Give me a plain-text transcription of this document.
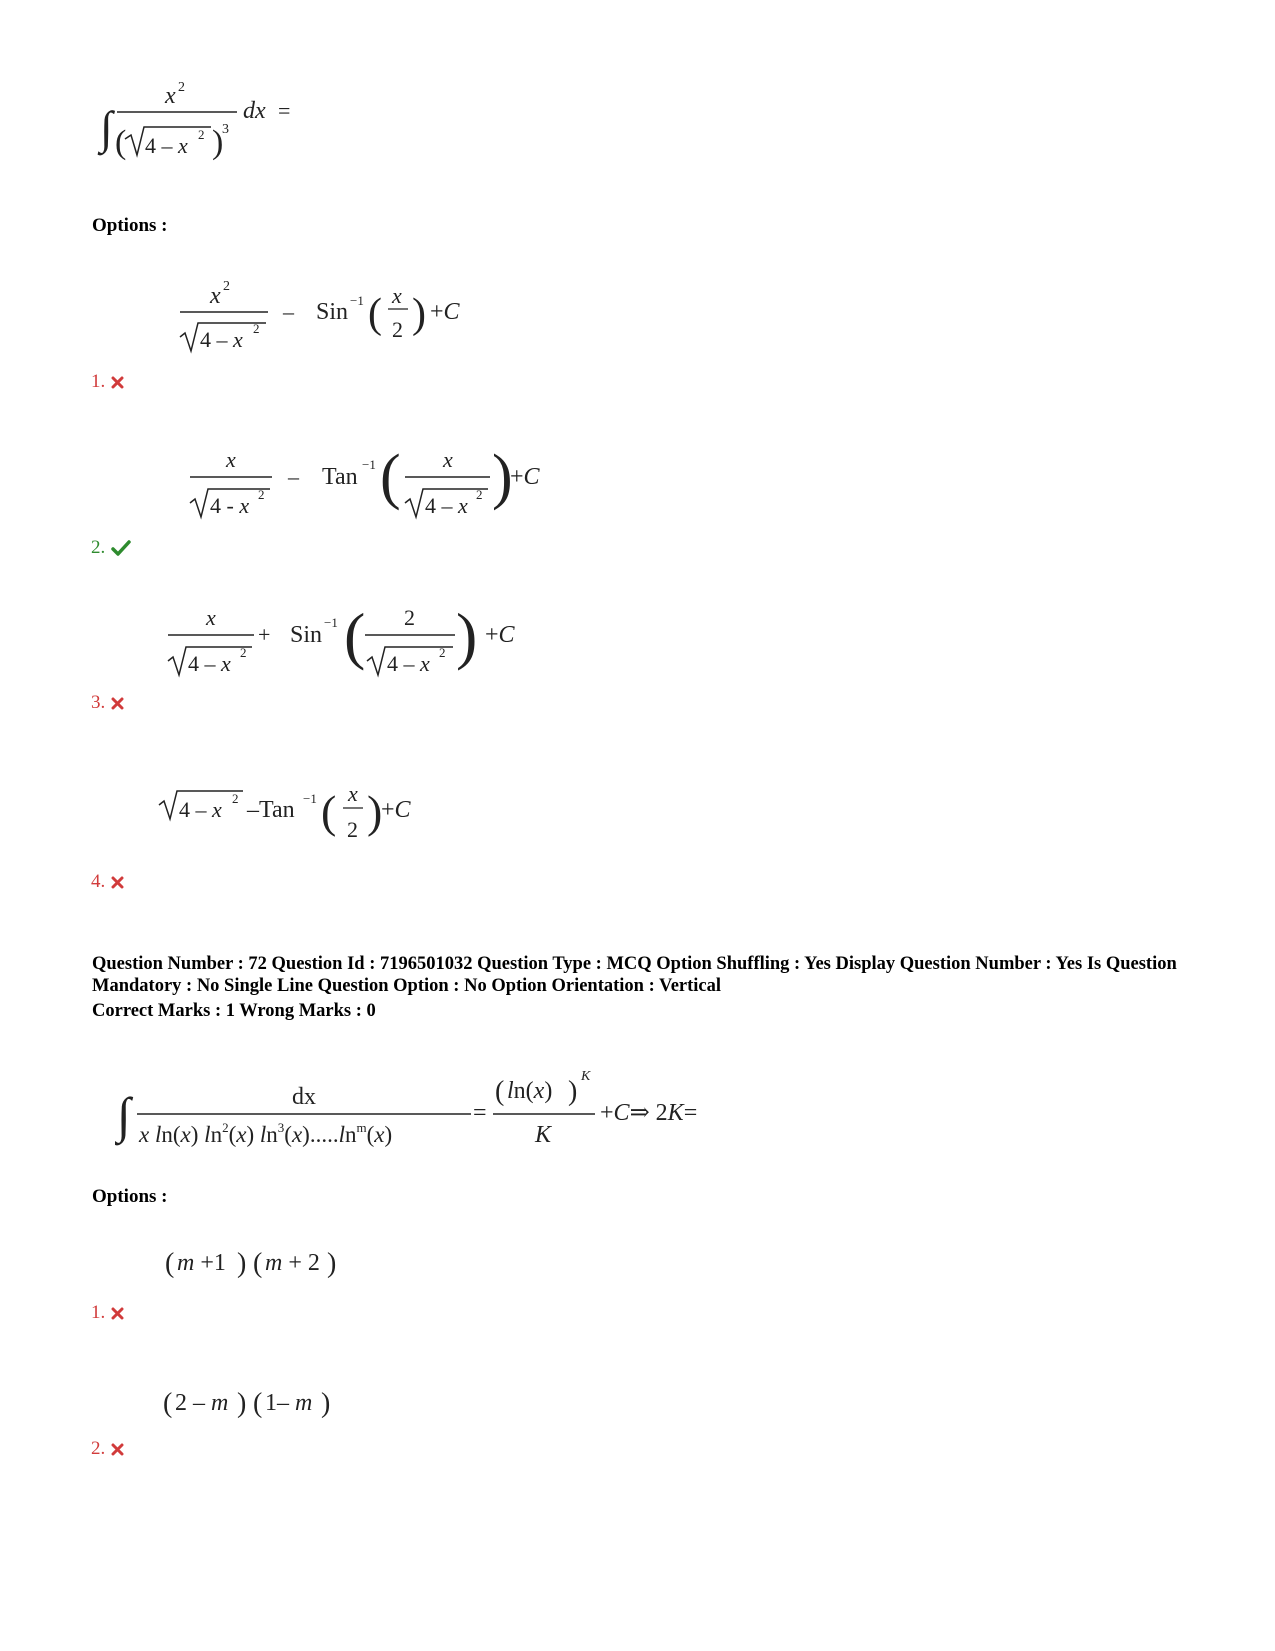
∫
x 2
( 4 – x 2 )
3
dx =
Options :
x 2
4 – x 2
– Sin −1 ( x
2 ) +C
1.
x
4 - x 2
– Tan −1 ( x
4 – x 2 )
+C
2.
x
4 – x 2
+ Sin −1 ( 2
4 – x 2 ) +C
3.
4 – x 2 –Tan −1 ( x
2 )
+C
4.
Question Number : 72 Question Id : 7196501032 Question Type : MCQ Option Shuffling : Yes Display Question Number : Yes Is Question Mandatory : No Single Line Question Option : No Option Orientation : Vertical
Correct Marks : 1 Wrong Marks : 0
∫	dx
x ln(x) $\ln^2(x)$ $\ln^3(x).....\ln^m(x)$
=
( ln(x) ) K
K
+C⇒ 2K=
Options :
( m +1 ) ( m + 2 )
1.
( 2 – m ) ( 1– m )
2.
